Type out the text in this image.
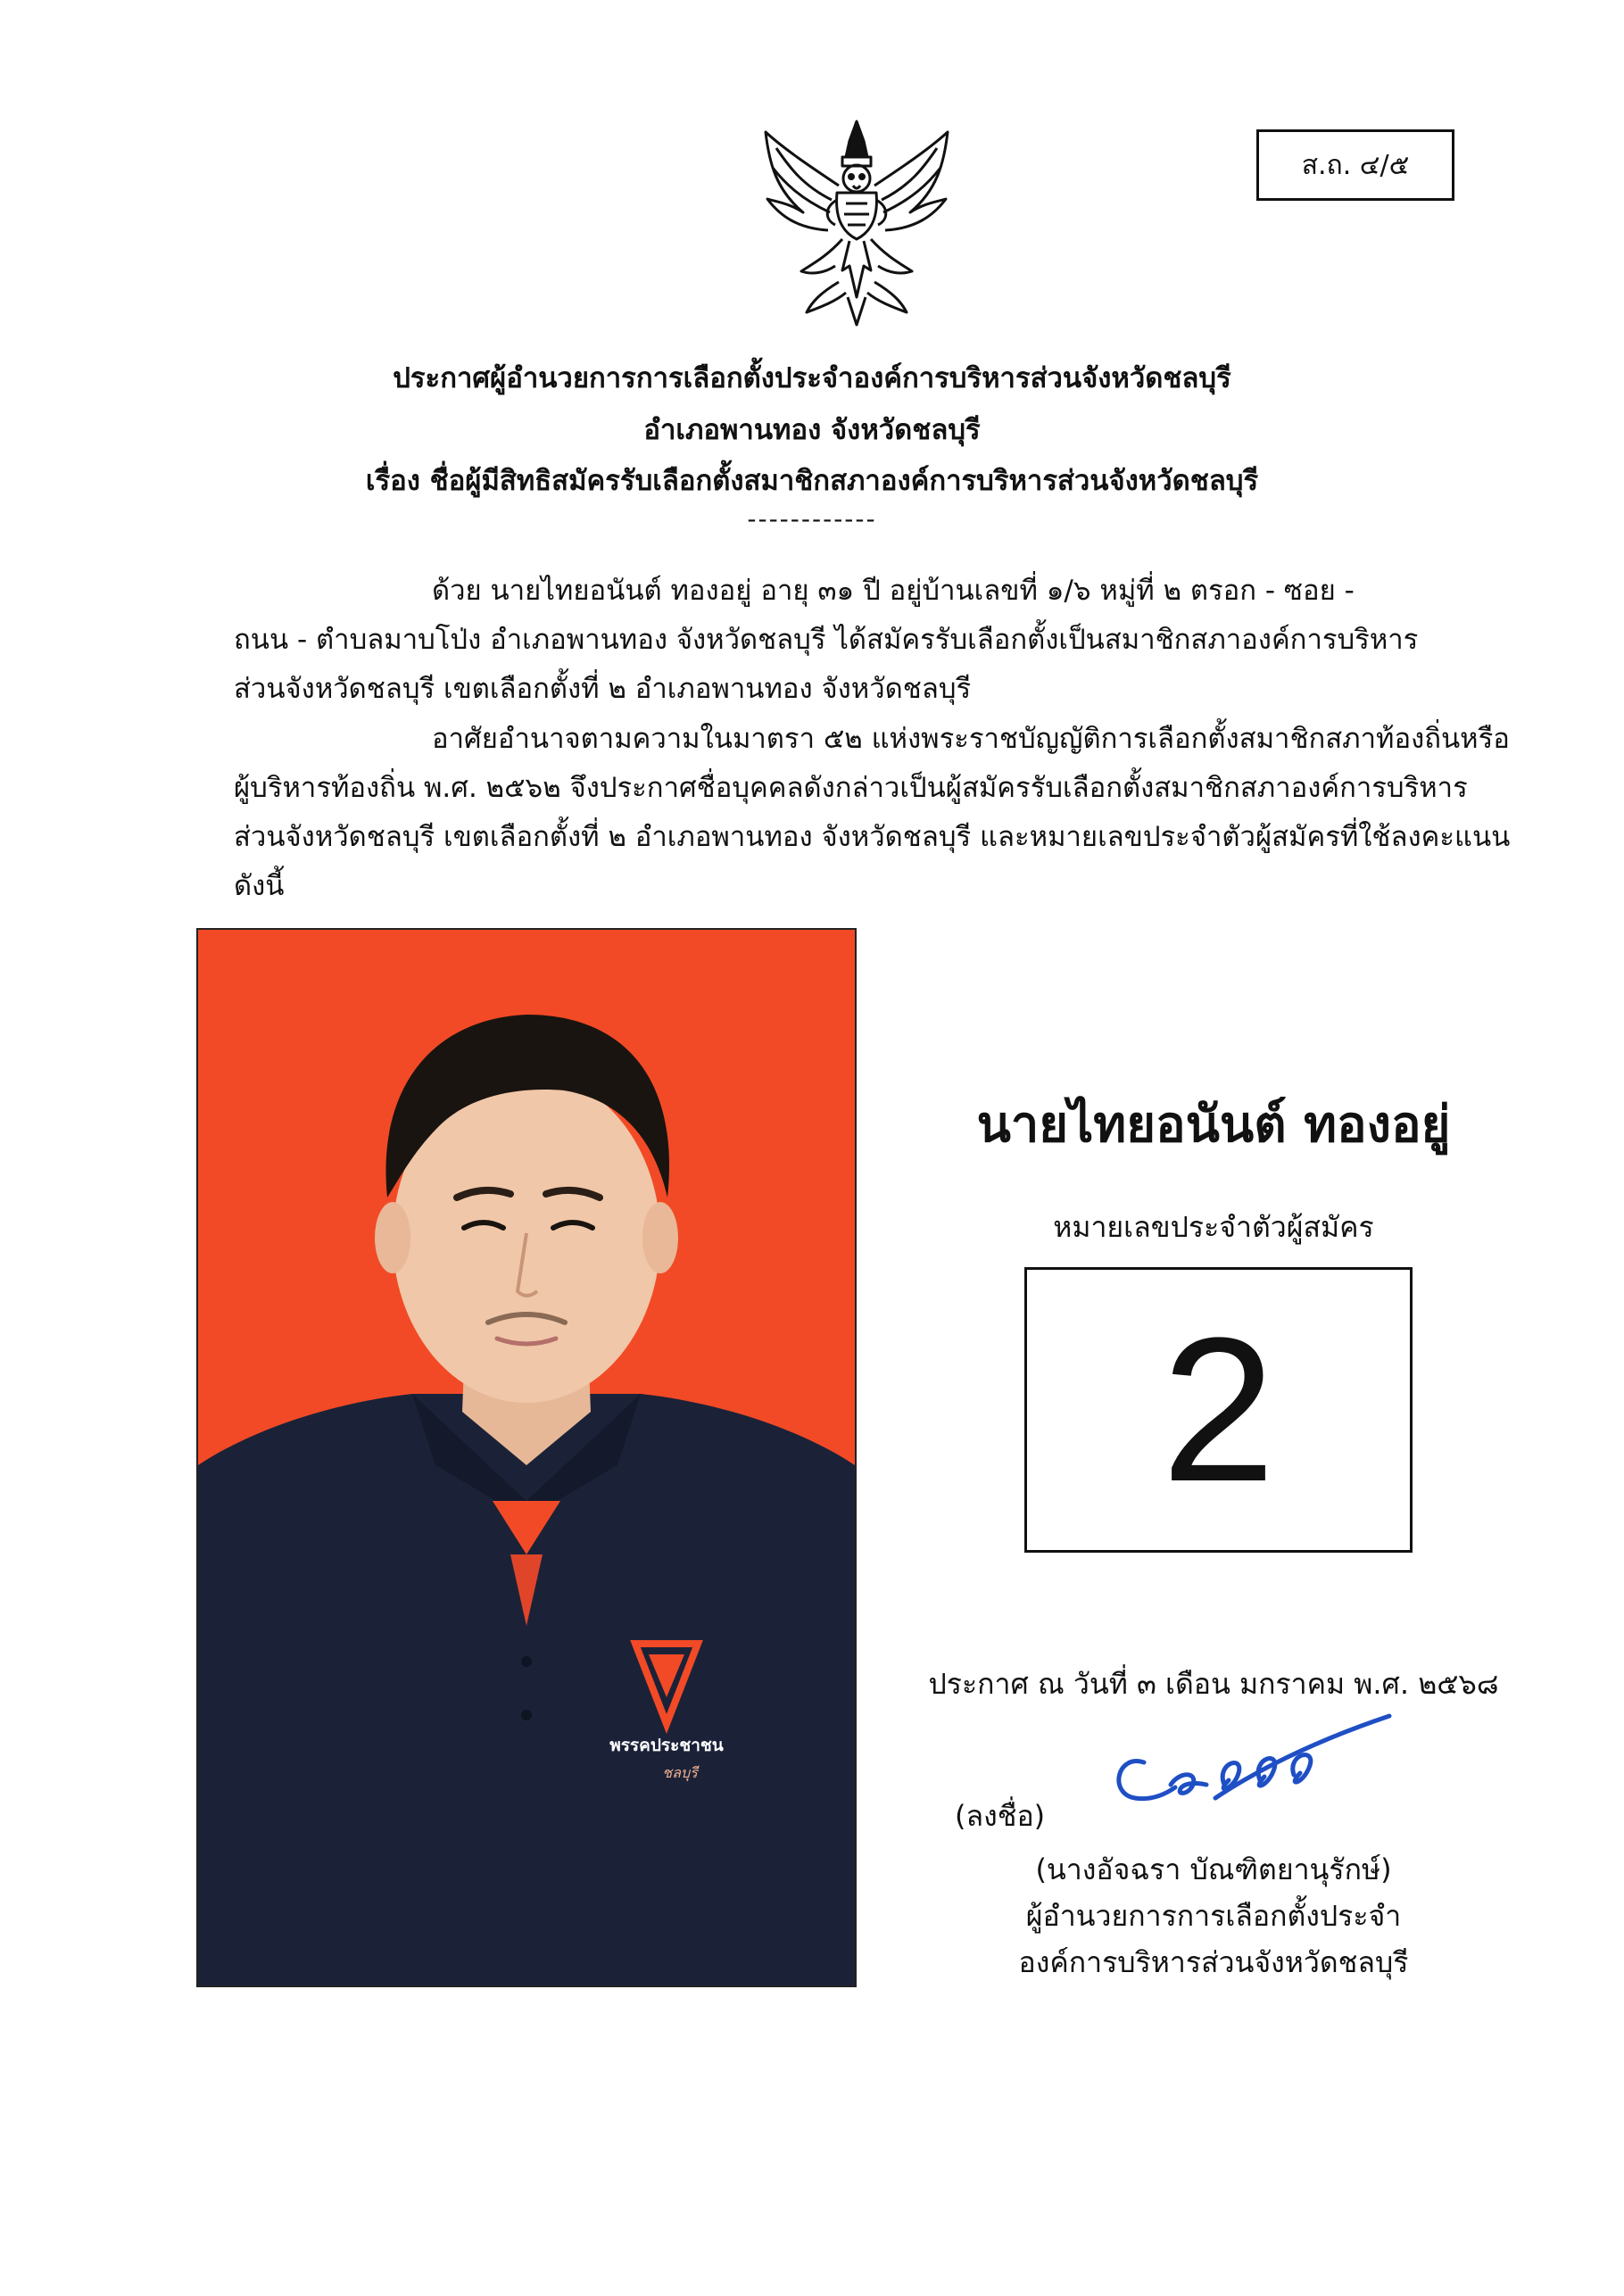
ส.ถ. ๔/๕
ประกาศผู้อำนวยการการเลือกตั้งประจำองค์การบริหารส่วนจังหวัดชลบุรี
อำเภอพานทอง จังหวัดชลบุรี
เรื่อง ชื่อผู้มีสิทธิสมัครรับเลือกตั้งสมาชิกสภาองค์การบริหารส่วนจังหวัดชลบุรี
------------
ด้วย นายไทยอนันต์ ทองอยู่ อายุ ๓๑ ปี อยู่บ้านเลขที่ ๑/๖ หมู่ที่ ๒ ตรอก - ซอย -
ถนน - ตำบลมาบโป่ง อำเภอพานทอง จังหวัดชลบุรี ได้สมัครรับเลือกตั้งเป็นสมาชิกสภาองค์การบริหาร
ส่วนจังหวัดชลบุรี เขตเลือกตั้งที่ ๒ อำเภอพานทอง จังหวัดชลบุรี
อาศัยอำนาจตามความในมาตรา ๕๒ แห่งพระราชบัญญัติการเลือกตั้งสมาชิกสภาท้องถิ่นหรือ
ผู้บริหารท้องถิ่น พ.ศ. ๒๕๖๒ จึงประกาศชื่อบุคคลดังกล่าวเป็นผู้สมัครรับเลือกตั้งสมาชิกสภาองค์การบริหาร
ส่วนจังหวัดชลบุรี เขตเลือกตั้งที่ ๒ อำเภอพานทอง จังหวัดชลบุรี และหมายเลขประจำตัวผู้สมัครที่ใช้ลงคะแนน
ดังนี้
พรรคประชาชน
ชลบุรี
นายไทยอนันต์ ทองอยู่
หมายเลขประจำตัวผู้สมัคร
2
ประกาศ ณ วันที่ ๓ เดือน มกราคม พ.ศ. ๒๕๖๘
(ลงชื่อ)
(นางอัจฉรา บัณฑิตยานุรักษ์)
ผู้อำนวยการการเลือกตั้งประจำ
องค์การบริหารส่วนจังหวัดชลบุรี
